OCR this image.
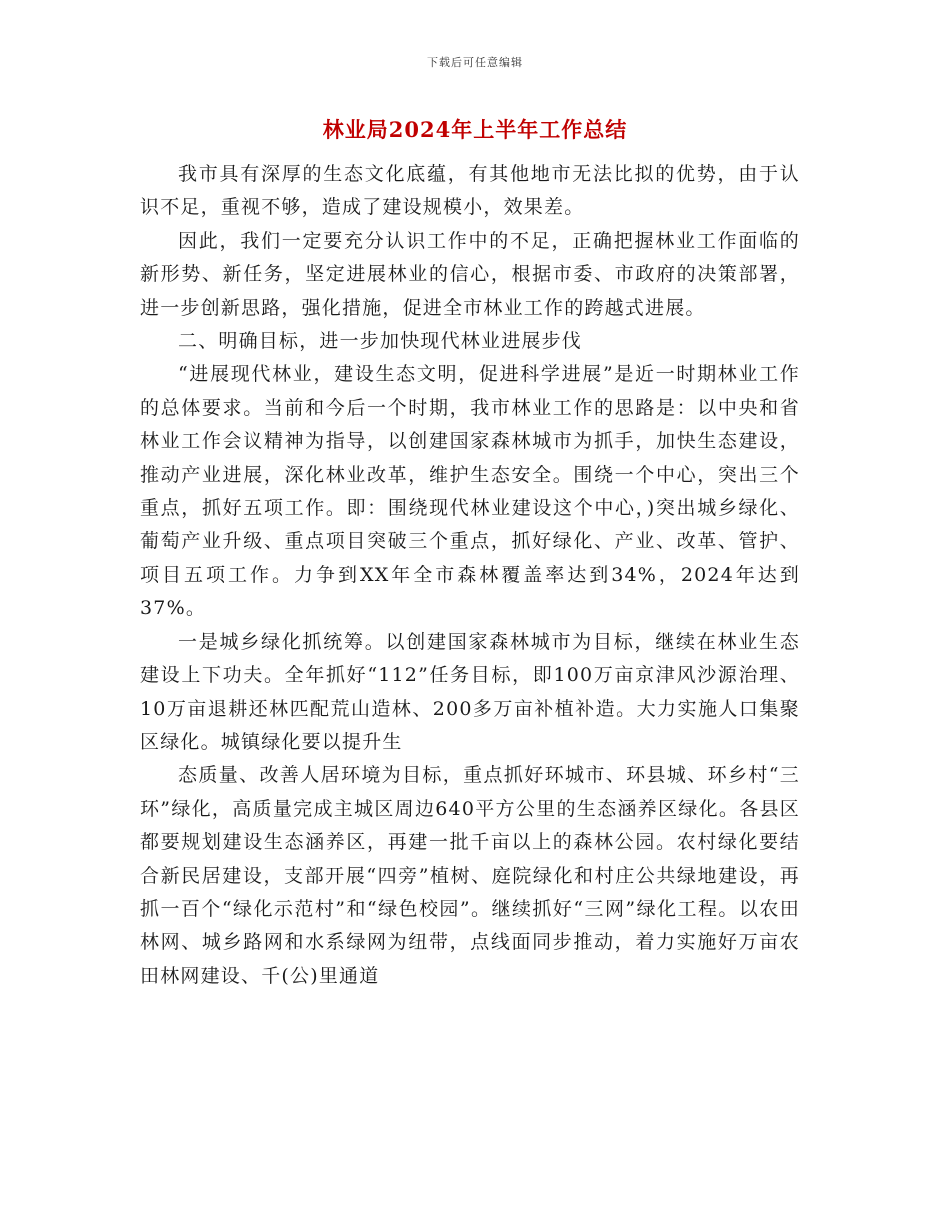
下载后可任意编辑
林业局2024年上半年工作总结

我市具有深厚的生态文化底蕴，有其他地市无法比拟的优势，由于认识不足，重视不够，造成了建设规模小，效果差。

因此，我们一定要充分认识工作中的不足，正确把握林业工作面临的新形势、新任务，坚定进展林业的信心，根据市委、市政府的决策部署，进一步创新思路，强化措施，促进全市林业工作的跨越式进展。

二、明确目标，进一步加快现代林业进展步伐

“进展现代林业，建设生态文明，促进科学进展”是近一时期林业工作的总体要求。当前和今后一个时期，我市林业工作的思路是：以中央和省林业工作会议精神为指导，以创建国家森林城市为抓手，加快生态建设，推动产业进展，深化林业改革，维护生态安全。围绕一个中心，突出三个重点，抓好五项工作。即：围绕现代林业建设这个中心，)突出城乡绿化、葡萄产业升级、重点项目突破三个重点，抓好绿化、产业、改革、管护、项目五项工作。力争到XX年全市森林覆盖率达到34%，2024年达到37%。

一是城乡绿化抓统筹。以创建国家森林城市为目标，继续在林业生态建设上下功夫。全年抓好“112”任务目标，即100万亩京津风沙源治理、10万亩退耕还林匹配荒山造林、200多万亩补植补造。大力实施人口集聚区绿化。城镇绿化要以提升生

态质量、改善人居环境为目标，重点抓好环城市、环县城、环乡村“三环”绿化，高质量完成主城区周边640平方公里的生态涵养区绿化。各县区都要规划建设生态涵养区，再建一批千亩以上的森林公园。农村绿化要结合新民居建设，支部开展“四旁”植树、庭院绿化和村庄公共绿地建设，再抓一百个“绿化示范村”和“绿色校园”。继续抓好“三网”绿化工程。以农田林网、城乡路网和水系绿网为纽带，点线面同步推动，着力实施好万亩农田林网建设、千(公)里通道
